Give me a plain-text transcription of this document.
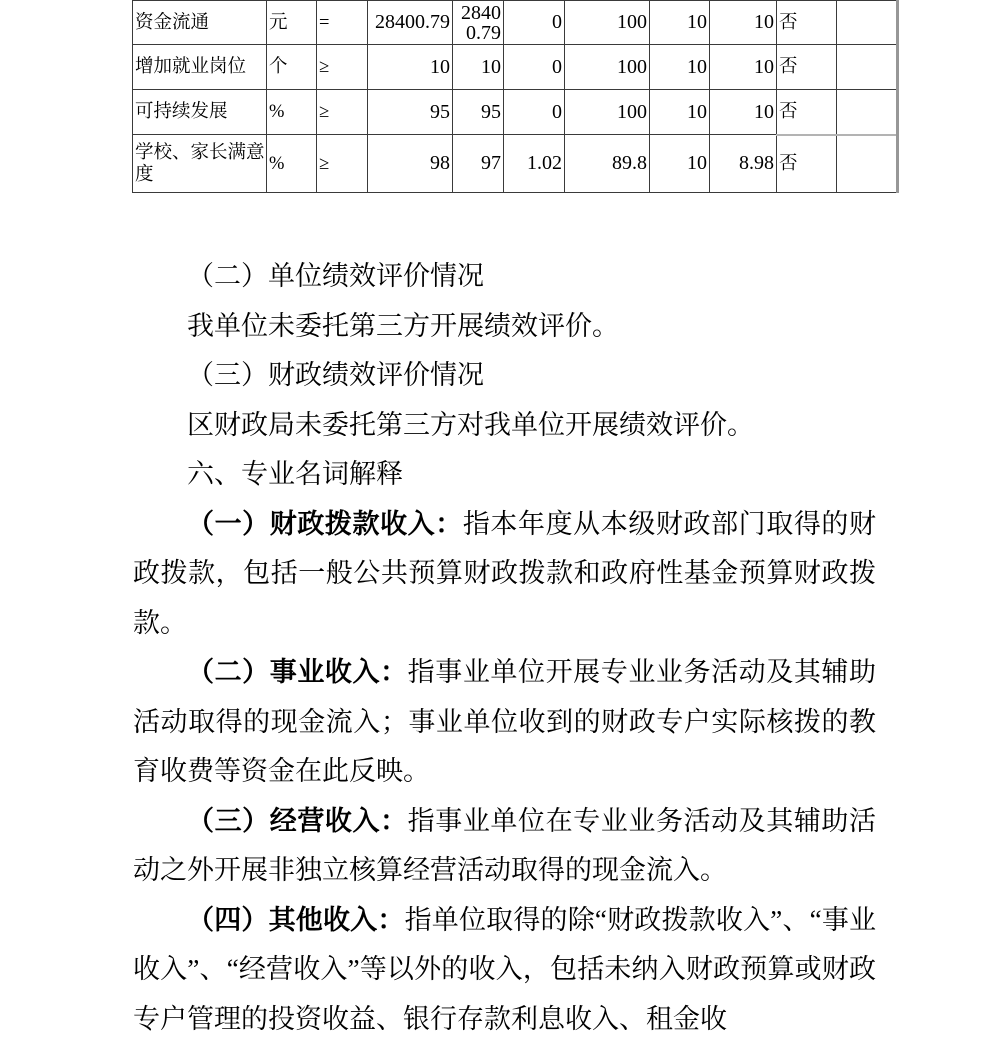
资金流通	元	=	28400.79	28400.79	0	100	10	10	否	
增加就业岗位	个	≥	10	10	0	100	10	10	否	
可持续发展	%	≥	95	95	0	100	10	10	否	
学校、家长满意度	%	≥	98	97	1.02	89.8	10	8.98	否	

（二）单位绩效评价情况

我单位未委托第三方开展绩效评价。

（三）财政绩效评价情况

区财政局未委托第三方对我单位开展绩效评价。

六、专业名词解释

（一）财政拨款收入：指本年度从本级财政部门取得的财政拨款，包括一般公共预算财政拨款和政府性基金预算财政拨款。

（二）事业收入：指事业单位开展专业业务活动及其辅助活动取得的现金流入；事业单位收到的财政专户实际核拨的教育收费等资金在此反映。

（三）经营收入：指事业单位在专业业务活动及其辅助活动之外开展非独立核算经营活动取得的现金流入。

（四）其他收入：指单位取得的除“财政拨款收入”、“事业收入”、“经营收入”等以外的收入，包括未纳入财政预算或财政专户管理的投资收益、银行存款利息收入、租金收
